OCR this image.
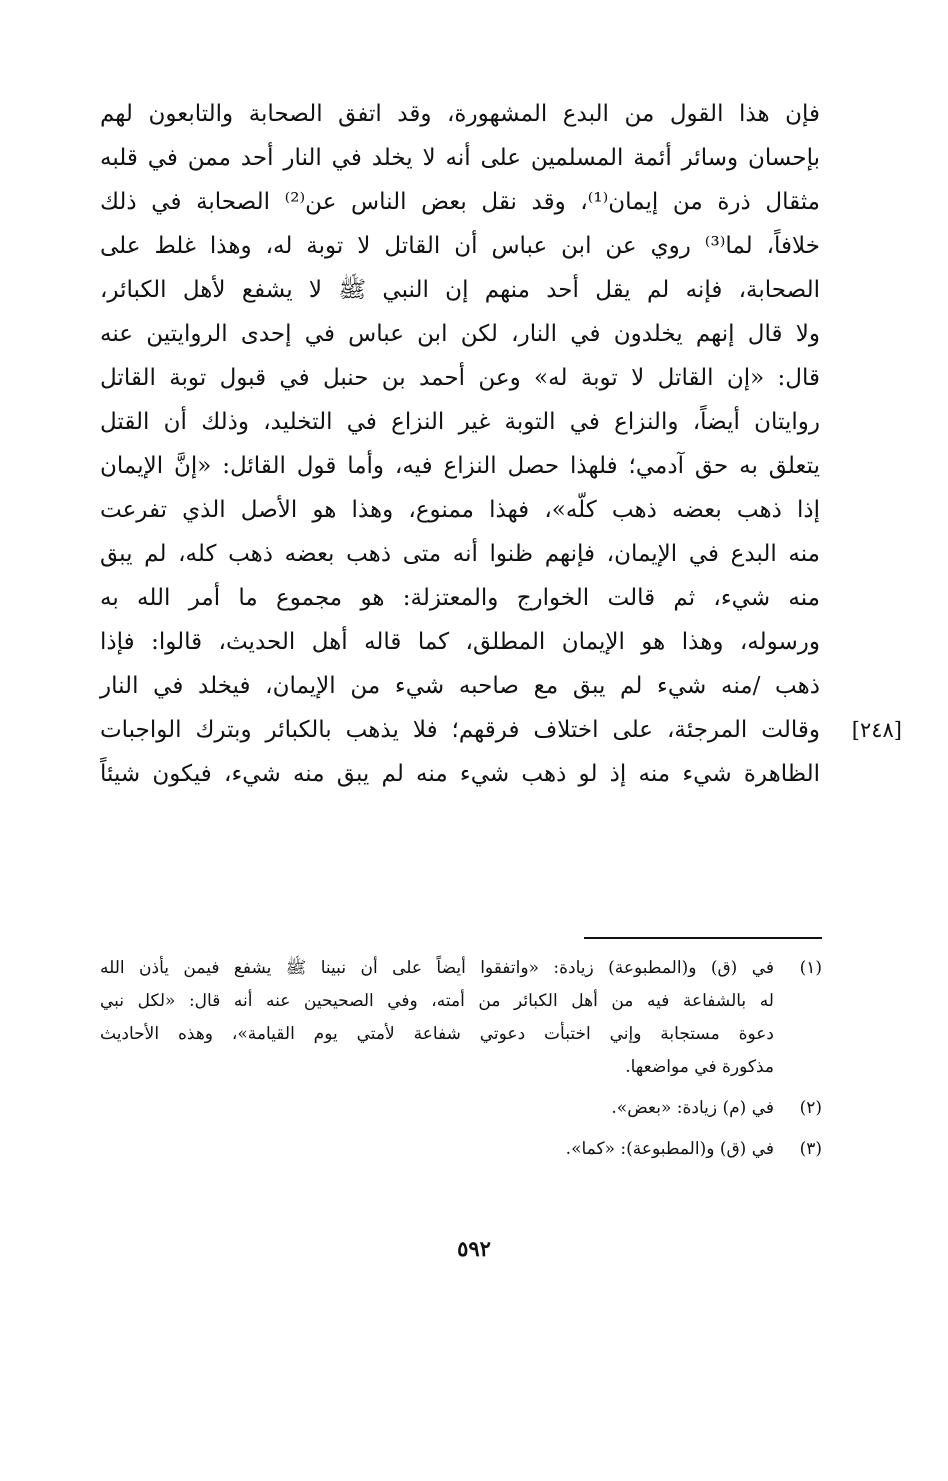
فإن هذا القول من البدع المشهورة، وقد اتفق الصحابة والتابعون لهم
بإحسان وسائر أئمة المسلمين على أنه لا يخلد في النار أحد ممن في قلبه
مثقال ذرة من إيمان⁽¹⁾، وقد نقل بعض الناس عن⁽²⁾ الصحابة في ذلك
خلافاً، لما⁽³⁾ روي عن ابن عباس أن القاتل لا توبة له، وهذا غلط على
الصحابة، فإنه لم يقل أحد منهم إن النبي ﷺ لا يشفع لأهل الكبائر،
ولا قال إنهم يخلدون في النار، لكن ابن عباس في إحدى الروايتين عنه
قال: «إن القاتل لا توبة له» وعن أحمد بن حنبل في قبول توبة القاتل
روايتان أيضاً، والنزاع في التوبة غير النزاع في التخليد، وذلك أن القتل
يتعلق به حق آدمي؛ فلهذا حصل النزاع فيه، وأما قول القائل: «إنَّ الإيمان
إذا ذهب بعضه ذهب كلّه»، فهذا ممنوع، وهذا هو الأصل الذي تفرعت
منه البدع في الإيمان، فإنهم ظنوا أنه متى ذهب بعضه ذهب كله، لم يبق
منه شيء، ثم قالت الخوارج والمعتزلة: هو مجموع ما أمر الله به
ورسوله، وهذا هو الإيمان المطلق، كما قاله أهل الحديث، قالوا: فإذا
ذهب /منه شيء لم يبق مع صاحبه شيء من الإيمان، فيخلد في النار
وقالت المرجئة، على اختلاف فرقهم؛ فلا يذهب بالكبائر وبترك الواجبات
الظاهرة شيء منه إذ لو ذهب شيء منه لم يبق منه شيء، فيكون شيئاً
[٢٤٨]
(١)
في (ق) و(المطبوعة) زيادة: «واتفقوا أيضاً على أن نبينا ﷺ يشفع فيمن يأذن الله
له بالشفاعة فيه من أهل الكبائر من أمته، وفي الصحيحين عنه أنه قال: «لكل نبي
دعوة مستجابة وإني اختبأت دعوتي شفاعة لأمتي يوم القيامة»، وهذه الأحاديث
مذكورة في مواضعها.
(٢)
في (م) زيادة: «بعض».
(٣)
في (ق) و(المطبوعة): «كما».
٥٩٢
